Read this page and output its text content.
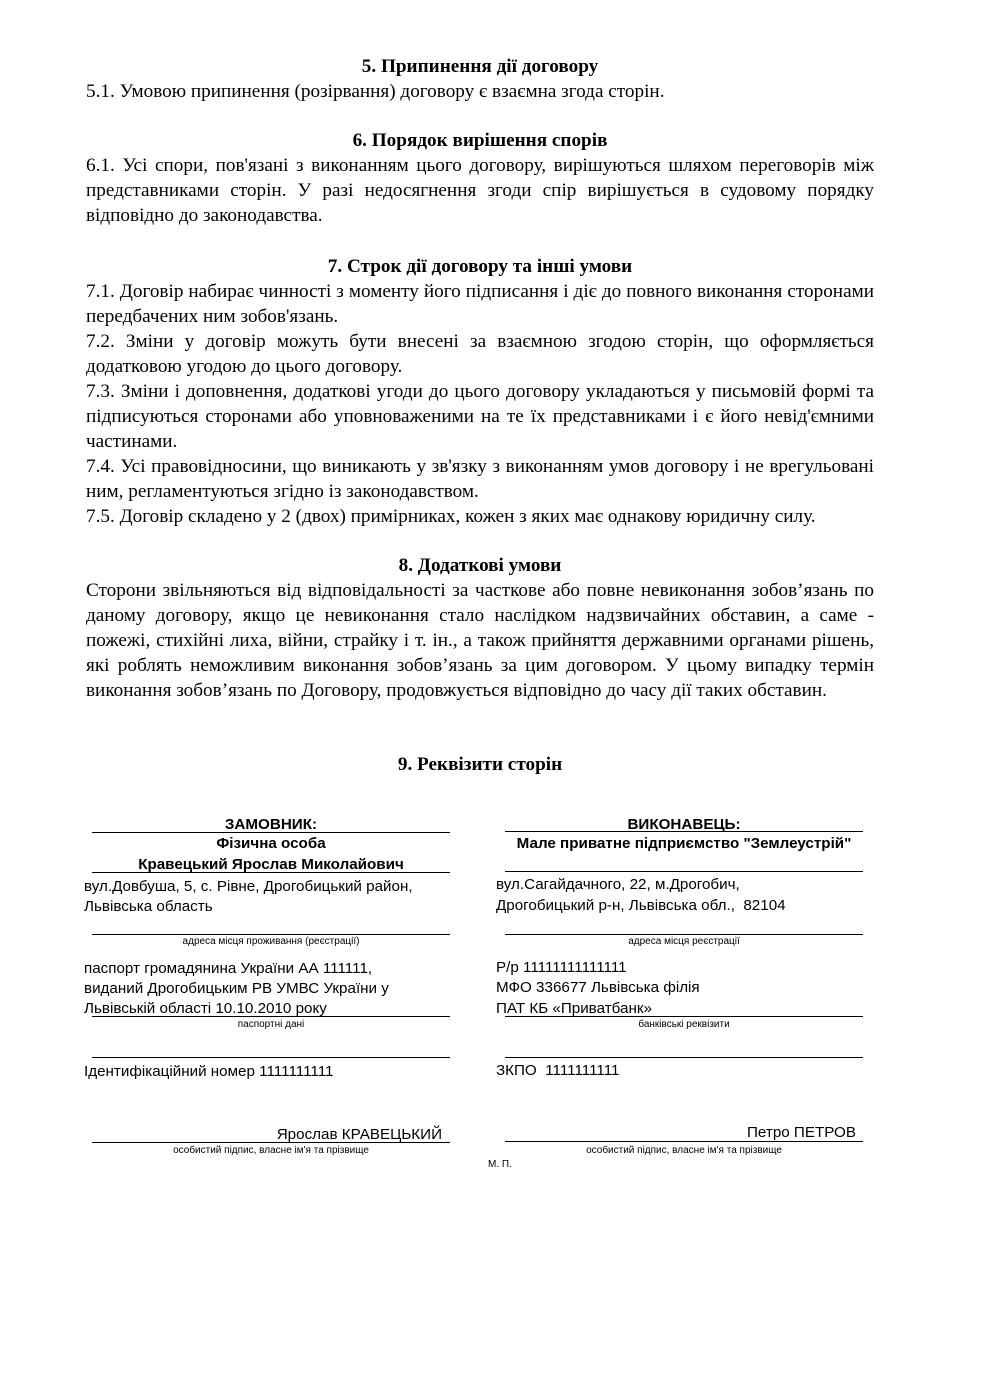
5. Припинення дії договору

5.1. Умовою припинення (розірвання) договору є взаємна згода сторін.

6. Порядок вирішення спорів

6.1. Усі спори, пов'язані з виконанням цього договору, вирішуються шляхом переговорів між представниками сторін. У разі недосягнення згоди спір вирішується в судовому порядку відповідно до законодавства.

7. Строк дії договору та інші умови

7.1. Договір набирає чинності з моменту його підписання і діє до повного виконання сторонами передбачених ним зобов'язань.

7.2. Зміни у договір можуть бути внесені за взаємною згодою сторін, що оформляється додатковою угодою до цього договору.

7.3. Зміни і доповнення, додаткові угоди до цього договору укладаються у письмовій формі та підписуються сторонами або уповноваженими на те їх представниками і є його невід'ємними частинами.

7.4. Усі правовідносини, що виникають у зв'язку з виконанням умов договору і не врегульовані ним, регламентуються згідно із законодавством.

7.5. Договір складено у 2 (двох) примірниках, кожен з яких має однакову юридичну силу.

8. Додаткові умови

Сторони звільняються від відповідальності за часткове або повне невиконання зобов’язань по даному договору, якщо це невиконання стало наслідком надзвичайних обставин, а саме - пожежі, стихійні лиха, війни, страйку і т. ін., а також прийняття державними органами рішень, які роблять неможливим виконання зобов’язань за цим договором. У цьому випадку термін виконання зобов’язань по Договору, продовжується відповідно до часу дії таких обставин.

9. Реквізити сторін

ЗАМОВНИК:
Фізична особа
Кравецький Ярослав Миколайович
вул.Довбуша, 5, с. Рівне, Дрогобицький район,
Львівська область
адреса місця проживання (реєстрації)
паспорт громадянина України АА 111111,
виданий Дрогобицьким РВ УМВС України у
Львівській області 10.10.2010 року
паспортні дані
Ідентифікаційний номер 1111111111
Ярослав КРАВЕЦЬКИЙ
особистий підпис, власне ім'я та прізвище
ВИКОНАВЕЦЬ:
Мале приватне підприємство "Землеустрій"
вул.Сагайдачного, 22, м.Дрогобич,
Дрогобицький р-н, Львівська обл.,  82104
адреса місця реєстрації
Р/р 11111111111111
МФО 336677 Львівська філія
ПАТ КБ «Приватбанк»
банківські реквізити
ЗКПО  1111111111
Петро ПЕТРОВ
особистий підпис, власне ім'я та прізвище
М. П.
